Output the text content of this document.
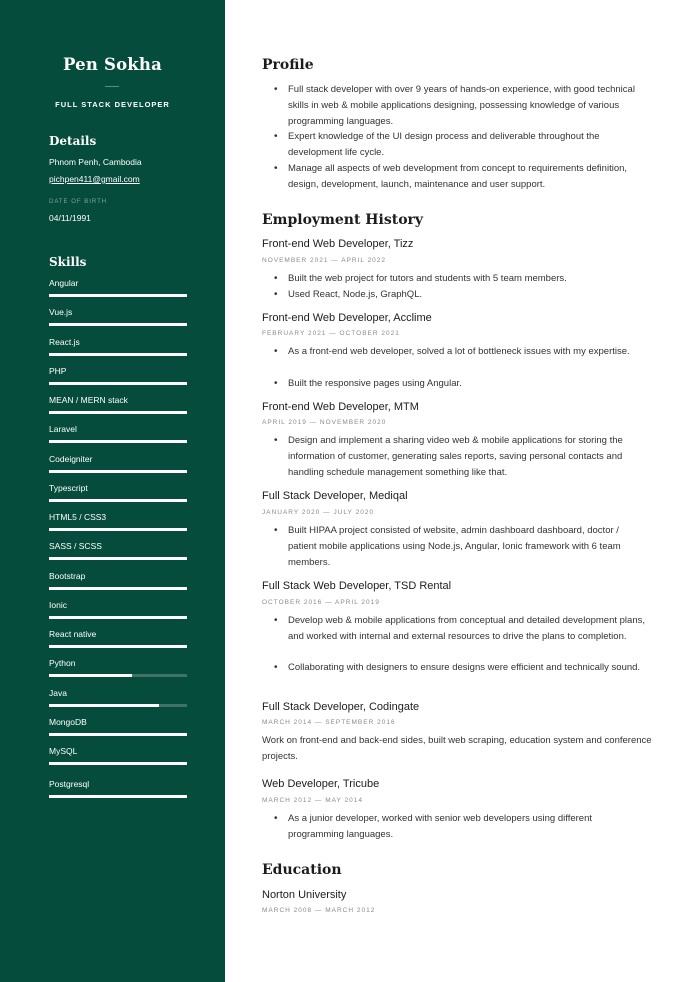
Pen Sokha
FULL STACK DEVELOPER
Details
Phnom Penh, Cambodia
pichpen411@gmail.com
DATE OF BIRTH
04/11/1991
Skills
Angular
Vue.js
React.js
PHP
MEAN / MERN stack
Laravel
Codeigniter
Typescript
HTML5 / CSS3
SASS / SCSS
Bootstrap
Ionic
React native
Python
Java
MongoDB
MySQL
Postgresql
Profile
• Full stack developer with over 9 years of hands-on experience, with good technical skills in web & mobile applications designing, possessing knowledge of various programming languages.
• Expert knowledge of the UI design process and deliverable throughout the development life cycle.
• Manage all aspects of web development from concept to requirements definition, design, development, launch, maintenance and user support.
Employment History
Front-end Web Developer, Tizz
NOVEMBER 2021 — APRIL 2022
• Built the web project for tutors and students with 5 team members.
• Used React, Node.js, GraphQL.
Front-end Web Developer, Acclime
FEBRUARY 2021 — OCTOBER 2021
• As a front-end web developer, solved a lot of bottleneck issues with my expertise.
• Built the responsive pages using Angular.
Front-end Web Developer, MTM
APRIL 2019 — NOVEMBER 2020
• Design and implement a sharing video web & mobile applications for storing the information of customer, generating sales reports, saving personal contacts and handling schedule management something like that.
Full Stack Developer, Mediqal
JANUARY 2020 — JULY 2020
• Built HIPAA project consisted of website, admin dashboard dashboard, doctor / patient mobile applications using Node.js, Angular, Ionic framework with 6 team members.
Full Stack Web Developer, TSD Rental
OCTOBER 2016 — APRIL 2019
• Develop web & mobile applications from conceptual and detailed development plans, and worked with internal and external resources to drive the plans to completion.
• Collaborating with designers to ensure designs were efficient and technically sound.
Full Stack Developer, Codingate
MARCH 2014 — SEPTEMBER 2016
Work on front-end and back-end sides, built web scraping, education system and conference projects.
Web Developer, Tricube
MARCH 2012 — MAY 2014
• As a junior developer, worked with senior web developers using different programming languages.
Education
Norton University
MARCH 2008 — MARCH 2012
